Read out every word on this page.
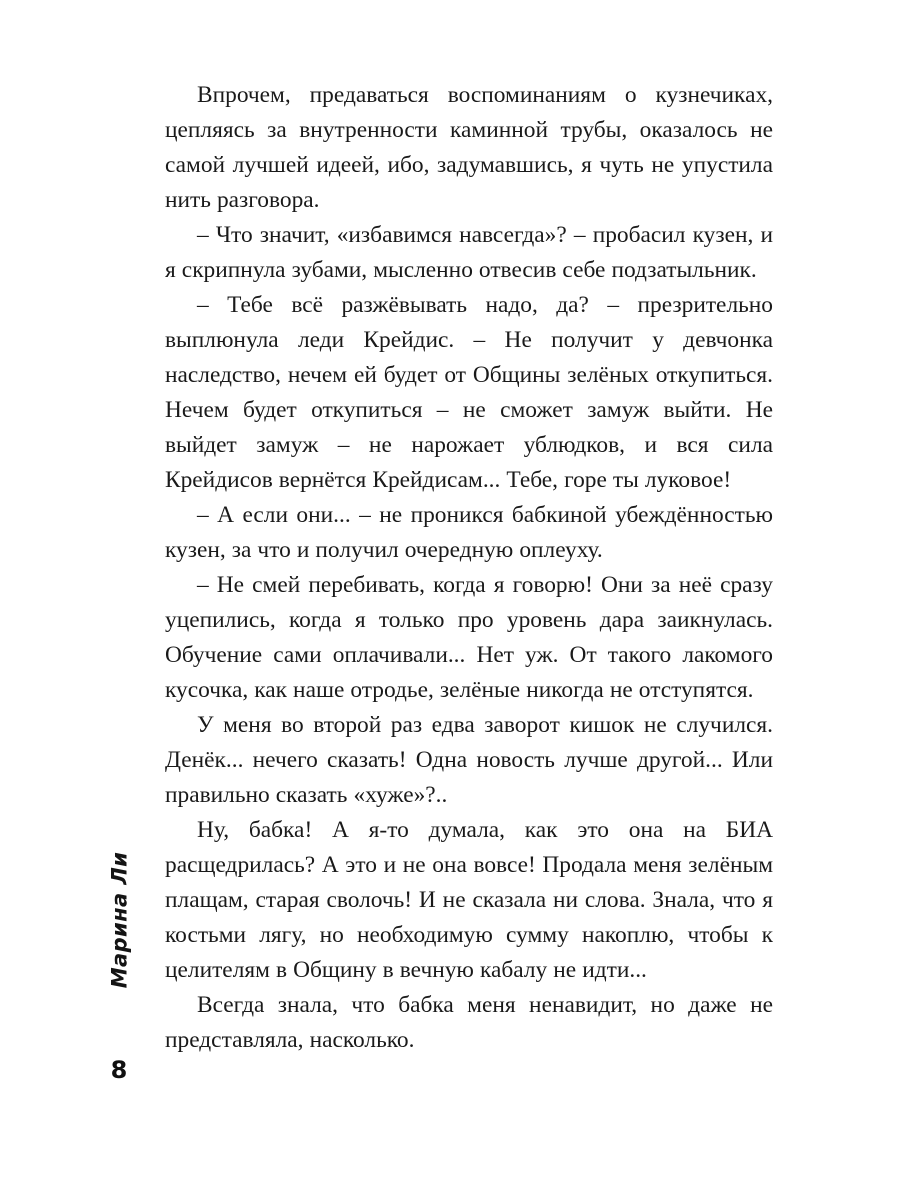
Марина Ли
8

Впрочем, предаваться воспоминаниям о кузнечиках, цепляясь за внутренности каминной трубы, оказалось не самой лучшей идеей, ибо, задумавшись, я чуть не упустила нить разговора.

– Что значит, «избавимся навсегда»? – пробасил кузен, и я скрипнула зубами, мысленно отвесив себе подзатыльник.

– Тебе всё разжёвывать надо, да? – презрительно выплюнула леди Крейдис. – Не получит у девчонка наследство, нечем ей будет от Общины зелёных откупиться. Нечем будет откупиться – не сможет замуж выйти. Не выйдет замуж – не нарожает ублюдков, и вся сила Крейдисов вернётся Крейдисам... Тебе, горе ты луковое!

– А если они... – не проникся бабкиной убеждённостью кузен, за что и получил очередную оплеуху.

– Не смей перебивать, когда я говорю! Они за неё сразу уцепились, когда я только про уровень дара заикнулась. Обучение сами оплачивали... Нет уж. От такого лакомого кусочка, как наше отродье, зелёные никогда не отступятся.

У меня во второй раз едва заворот кишок не случился. Денёк... нечего сказать! Одна новость лучше другой... Или правильно сказать «хуже»?..

Ну, бабка! А я-то думала, как это она на БИА расщедрилась? А это и не она вовсе! Продала меня зелёным плащам, старая сволочь! И не сказала ни слова. Знала, что я костьми лягу, но необходимую сумму накоплю, чтобы к целителям в Общину в вечную кабалу не идти...

Всегда знала, что бабка меня ненавидит, но даже не представляла, насколько.
